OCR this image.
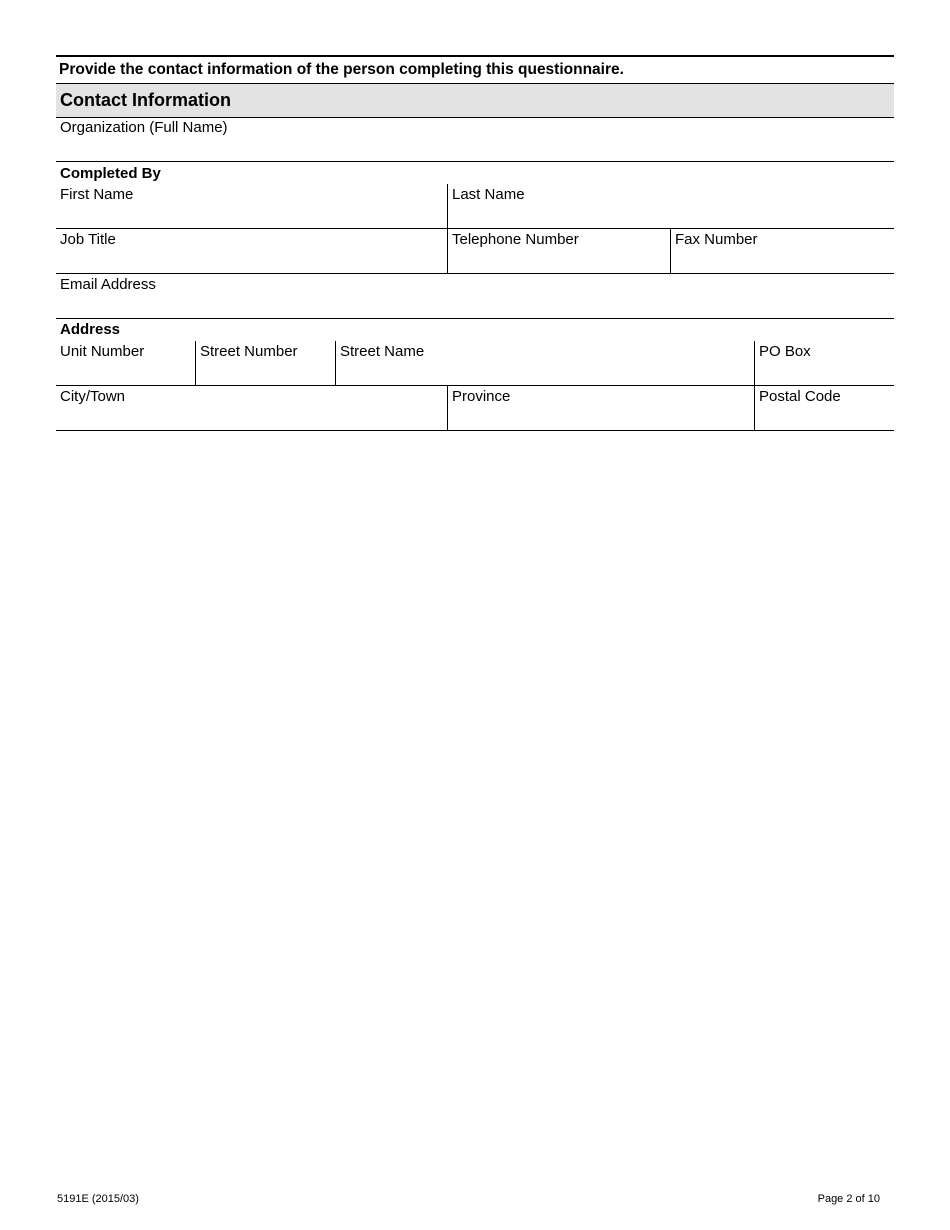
Provide the contact information of the person completing this questionnaire.
Contact Information
Organization (Full Name)
Completed By
First Name	Last Name
Job Title	Telephone Number	Fax Number
Email Address
Address
Unit Number	Street Number	Street Name	PO Box
City/Town	Province	Postal Code
5191E (2015/03)	Page 2 of 10
